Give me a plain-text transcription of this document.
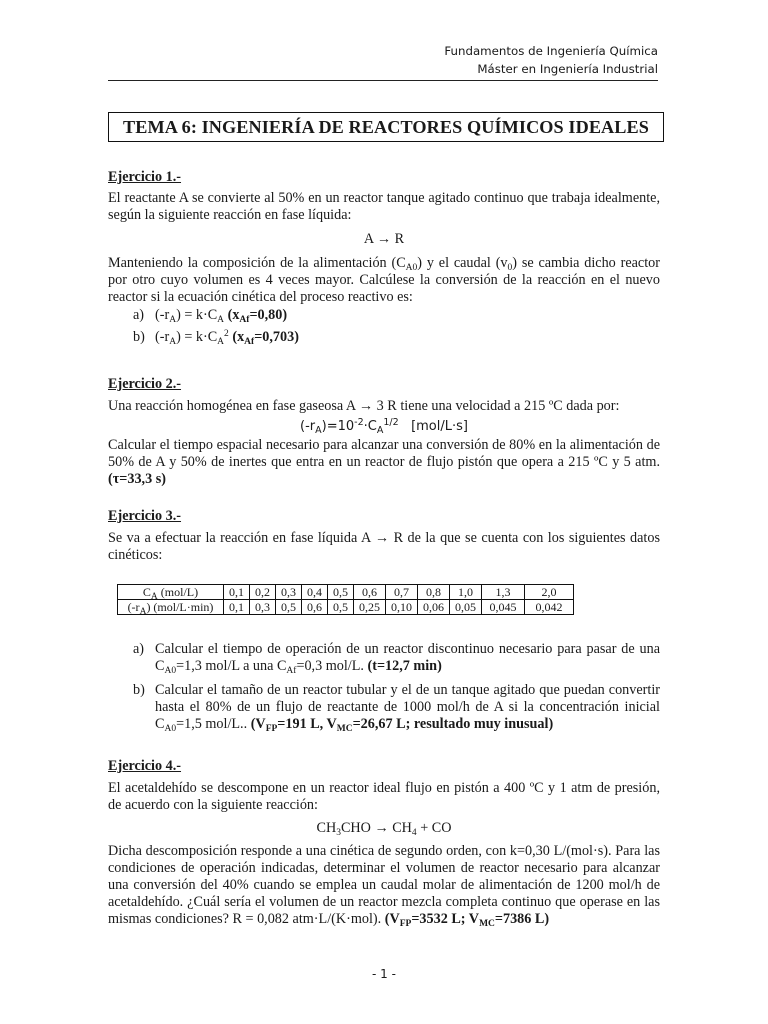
Fundamentos de Ingeniería Química
Máster en Ingeniería Industrial
TEMA 6: INGENIERÍA DE REACTORES QUÍMICOS IDEALES
Ejercicio 1.-
El reactante A se convierte al 50% en un reactor tanque agitado continuo que trabaja idealmente, según la siguiente reacción en fase líquida:
A → R
Manteniendo la composición de la alimentación $(C_{A0})$ y el caudal $(v_0)$ se cambia dicho reactor por otro cuyo volumen es 4 veces mayor. Calcúlese la conversión de la reacción en el nuevo reactor si la ecuación cinética del proceso reactivo es:
a) $(-r_A) = k\cdot C_A$ $(x_{Af}=0,80)$
b) $(-r_A) = k\cdot C_A^2$ $(x_{Af}=0,703)$
Ejercicio 2.-
Una reacción homogénea en fase gaseosa A → 3 R tiene una velocidad a 215 ºC dada por:
$(-r_A)=10^{-2}\cdot C_A^{1/2}$ [mol/L·s]
Calcular el tiempo espacial necesario para alcanzar una conversión de 80% en la alimentación de 50% de A y 50% de inertes que entra en un reactor de flujo pistón que opera a 215 ºC y 5 atm. (τ=33,3 s)
Ejercicio 3.-
Se va a efectuar la reacción en fase líquida A → R de la que se cuenta con los siguientes datos cinéticos:
$C_A$ (mol/L)	0,1	0,2	0,3	0,4	0,5	0,6	0,7	0,8	1,0	1,3	2,0
$(-r_A)$ (mol/L·min)	0,1	0,3	0,5	0,6	0,5	0,25	0,10	0,06	0,05	0,045	0,042
a) Calcular el tiempo de operación de un reactor discontinuo necesario para pasar de una $C_{A0}=1,3$ mol/L a una $C_{Af}=0,3$ mol/L. (t=12,7 min)
b) Calcular el tamaño de un reactor tubular y el de un tanque agitado que puedan convertir hasta el 80% de un flujo de reactante de 1000 mol/h de A si la concentración inicial $C_{A0}=1,5$ mol/L.. ($V_{FP}=191$ L, $V_{MC}=26,67$ L; resultado muy inusual)
Ejercicio 4.-
El acetaldehído se descompone en un reactor ideal flujo en pistón a 400 ºC y 1 atm de presión, de acuerdo con la siguiente reacción:
$CH_3CHO \to CH_4$ + CO
Dicha descomposición responde a una cinética de segundo orden, con k=0,30 L/(mol·s). Para las condiciones de operación indicadas, determinar el volumen de reactor necesario para alcanzar una conversión del 40% cuando se emplea un caudal molar de alimentación de 1200 mol/h de acetaldehído. ¿Cuál sería el volumen de un reactor mezcla completa continuo que operase en las mismas condiciones? R = 0,082 atm·L/(K·mol). ($V_{FP}=3532$ L; $V_{MC}=7386$ L)
- 1 -
